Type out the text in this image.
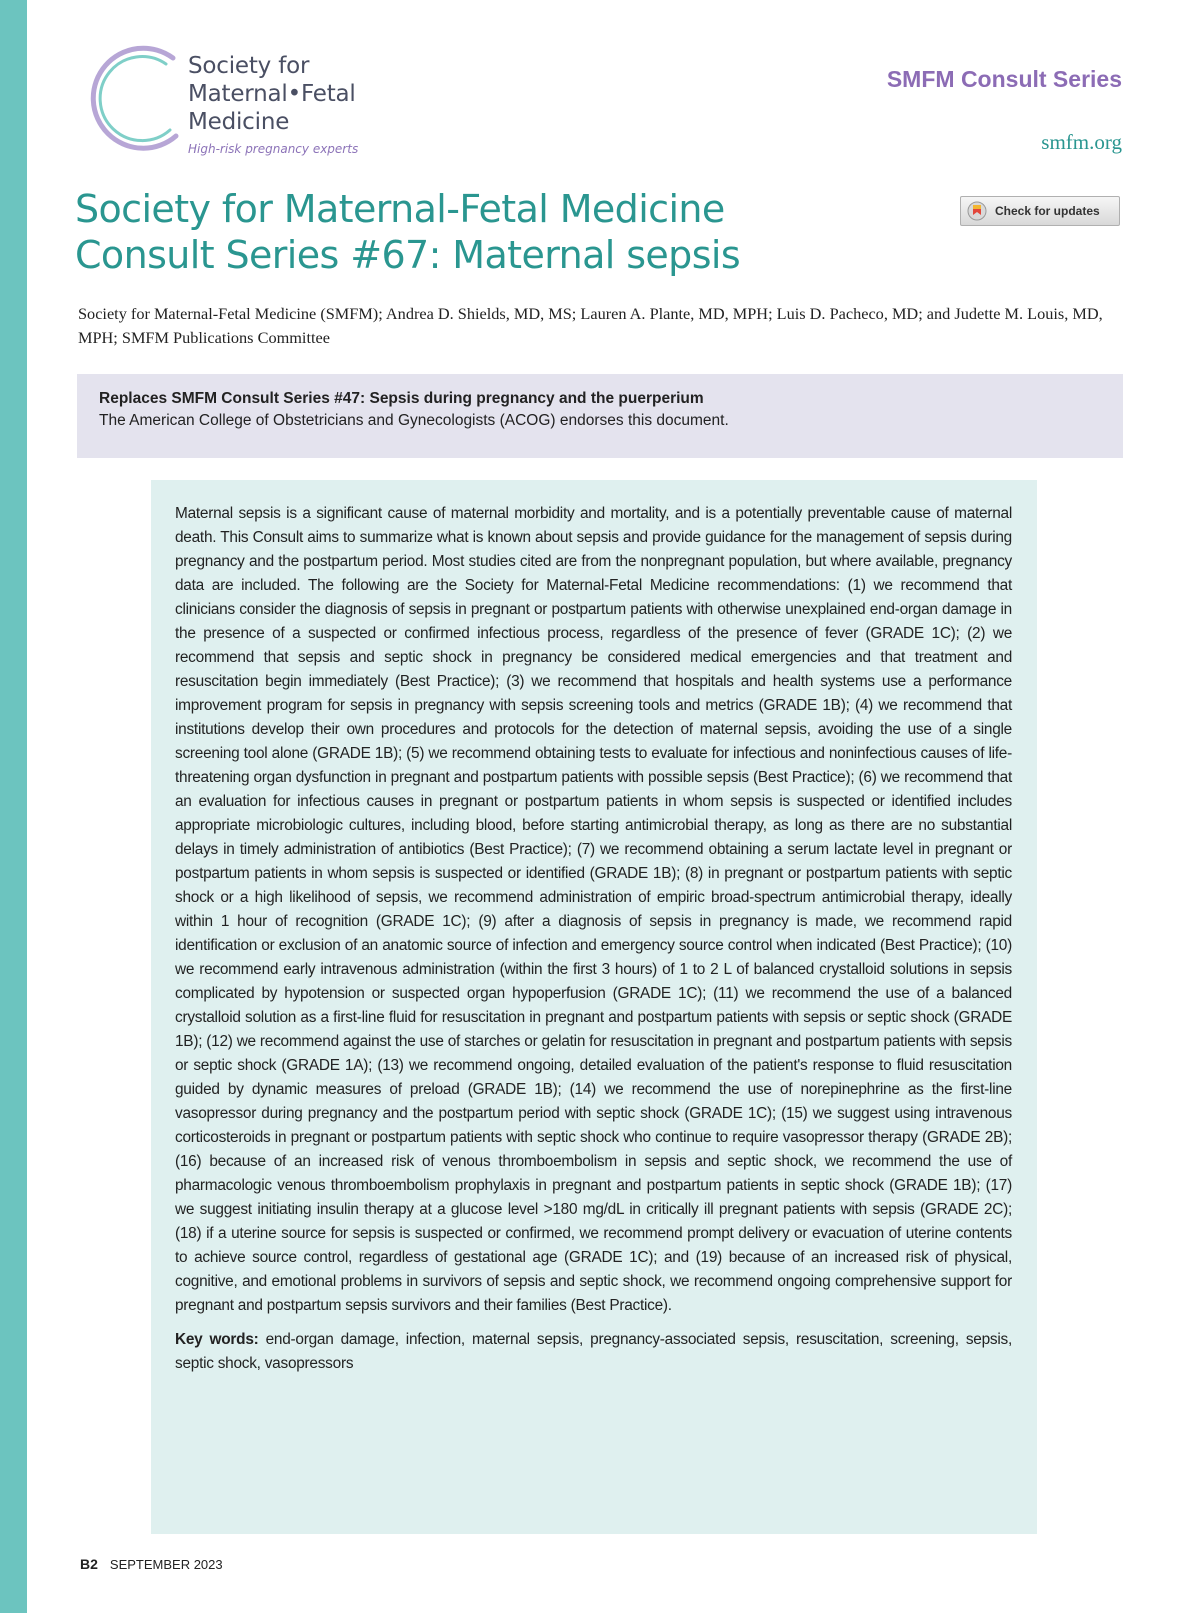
Society for
Maternal•Fetal
Medicine
High-risk pregnancy experts
SMFM Consult Series
smfm.org
Society for Maternal-Fetal Medicine
Consult Series #67: Maternal sepsis
Check for updates

Society for Maternal-Fetal Medicine (SMFM); Andrea D. Shields, MD, MS; Lauren A. Plante, MD, MPH; Luis D. Pacheco, MD; and Judette M. Louis, MD, MPH; SMFM Publications Committee

Replaces SMFM Consult Series #47: Sepsis during pregnancy and the puerperium
The American College of Obstetricians and Gynecologists (ACOG) endorses this document.

Maternal sepsis is a significant cause of maternal morbidity and mortality, and is a potentially preventable cause of maternal death. This Consult aims to summarize what is known about sepsis and provide guidance for the management of sepsis during pregnancy and the postpartum period. Most studies cited are from the nonpregnant population, but where available, pregnancy data are included. The following are the Society for Maternal-Fetal Medicine recommendations: (1) we recommend that clinicians consider the diagnosis of sepsis in pregnant or postpartum patients with otherwise unexplained end-organ damage in the presence of a suspected or confirmed infectious process, regardless of the presence of fever (GRADE 1C); (2) we recommend that sepsis and septic shock in pregnancy be considered medical emergencies and that treatment and resuscitation begin immediately (Best Practice); (3) we recommend that hospitals and health systems use a performance improvement program for sepsis in pregnancy with sepsis screening tools and metrics (GRADE 1B); (4) we recommend that institutions develop their own procedures and protocols for the detection of maternal sepsis, avoiding the use of a single screening tool alone (GRADE 1B); (5) we recommend obtaining tests to evaluate for infectious and noninfectious causes of life-threatening organ dysfunction in pregnant and postpartum patients with possible sepsis (Best Practice); (6) we recommend that an evaluation for infectious causes in pregnant or postpartum patients in whom sepsis is suspected or identified includes appropriate microbiologic cultures, including blood, before starting antimicrobial therapy, as long as there are no substantial delays in timely administration of antibiotics (Best Practice); (7) we recommend obtaining a serum lactate level in pregnant or postpartum patients in whom sepsis is suspected or identified (GRADE 1B); (8) in pregnant or postpartum patients with septic shock or a high likelihood of sepsis, we recommend administration of empiric broad-spectrum antimicrobial therapy, ideally within 1 hour of recognition (GRADE 1C); (9) after a diagnosis of sepsis in pregnancy is made, we recommend rapid identification or exclusion of an anatomic source of infection and emergency source control when indicated (Best Practice); (10) we recommend early intravenous administration (within the first 3 hours) of 1 to 2 L of balanced crystalloid solutions in sepsis complicated by hypotension or suspected organ hypoperfusion (GRADE 1C); (11) we recommend the use of a balanced crystalloid solution as a first-line fluid for resuscitation in pregnant and postpartum patients with sepsis or septic shock (GRADE 1B); (12) we recommend against the use of starches or gelatin for resuscitation in pregnant and postpartum patients with sepsis or septic shock (GRADE 1A); (13) we recommend ongoing, detailed evaluation of the patient's response to fluid resuscitation guided by dynamic measures of preload (GRADE 1B); (14) we recommend the use of norepinephrine as the first-line vasopressor during pregnancy and the postpartum period with septic shock (GRADE 1C); (15) we suggest using intravenous corticosteroids in pregnant or postpartum patients with septic shock who continue to require vasopressor therapy (GRADE 2B); (16) because of an increased risk of venous thromboembolism in sepsis and septic shock, we recommend the use of pharmacologic venous thromboembolism prophylaxis in pregnant and postpartum patients in septic shock (GRADE 1B); (17) we suggest initiating insulin therapy at a glucose level >180 mg/dL in critically ill pregnant patients with sepsis (GRADE 2C); (18) if a uterine source for sepsis is suspected or confirmed, we recommend prompt delivery or evacuation of uterine contents to achieve source control, regardless of gestational age (GRADE 1C); and (19) because of an increased risk of physical, cognitive, and emotional problems in survivors of sepsis and septic shock, we recommend ongoing comprehensive support for pregnant and postpartum sepsis survivors and their families (Best Practice).

Key words: end-organ damage, infection, maternal sepsis, pregnancy-associated sepsis, resuscitation, screening, sepsis, septic shock, vasopressors

B2 SEPTEMBER 2023
